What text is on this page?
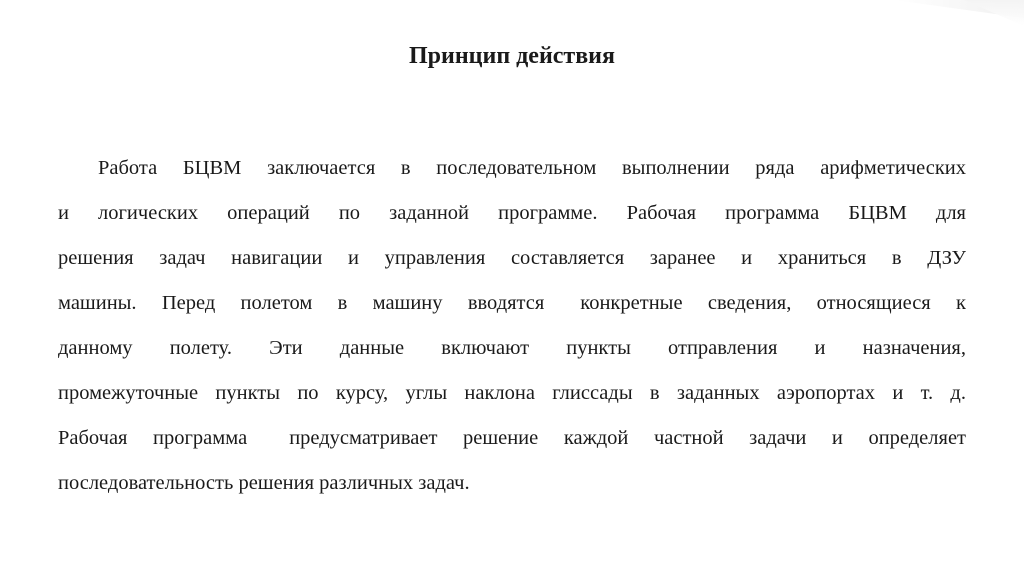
Принцип действия
Работа БЦВМ заключается в последовательном выполнении ряда арифметических
и логических операций по заданной программе. Рабочая программа БЦВМ для
решения задач навигации и управления составляется заранее и храниться в ДЗУ
машины. Перед полетом в машину вводятся конкретные сведения, относящиеся к
данному полету. Эти данные включают пункты отправления и назначения,
промежуточные пункты по курсу, углы наклона глиссады в заданных аэропортах и т. д.
Рабочая программа предусматривает решение каждой частной задачи и определяет
последовательность решения различных задач.
